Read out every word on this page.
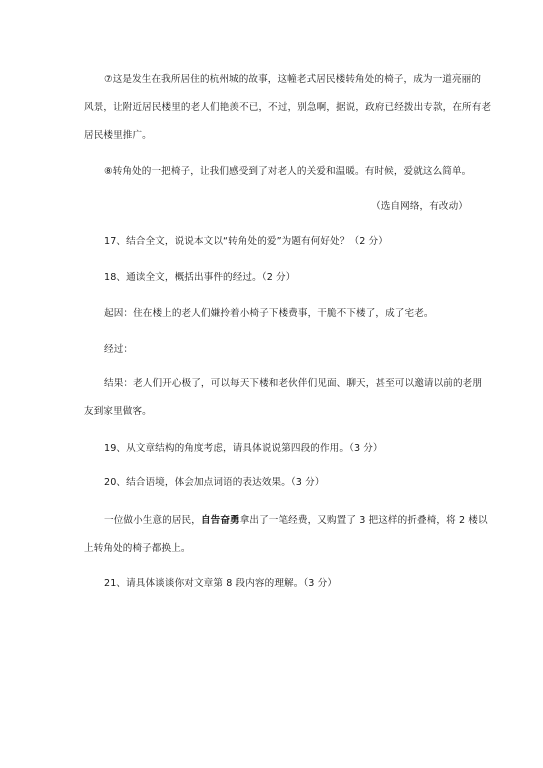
⑦这是发生在我所居住的杭州城的故事，这幢老式居民楼转角处的椅子，成为一道亮丽的
风景，让附近居民楼里的老人们艳羡不已，不过，别急啊，据说，政府已经拨出专款，在所有老
居民楼里推广。
⑧转角处的一把椅子，让我们感受到了对老人的关爱和温暖。有时候，爱就这么简单。
（选自网络，有改动）
17、结合全文，说说本文以“转角处的爱”为题有何好处？（2 分）
18、通读全文，概括出事件的经过。（2 分）
起因：住在楼上的老人们嫌拎着小椅子下楼费事，干脆不下楼了，成了宅老。
经过：
结果：老人们开心极了，可以每天下楼和老伙伴们见面、聊天，甚至可以邀请以前的老朋
友到家里做客。
19、从文章结构的角度考虑，请具体说说第四段的作用。（3 分）
20、结合语境，体会加点词语的表达效果。（3 分）
一位做小生意的居民，自告奋勇拿出了一笔经费，又购置了 3 把这样的折叠椅，将 2 楼以
上转角处的椅子都换上。
21、请具体谈谈你对文章第 8 段内容的理解。（3 分）
